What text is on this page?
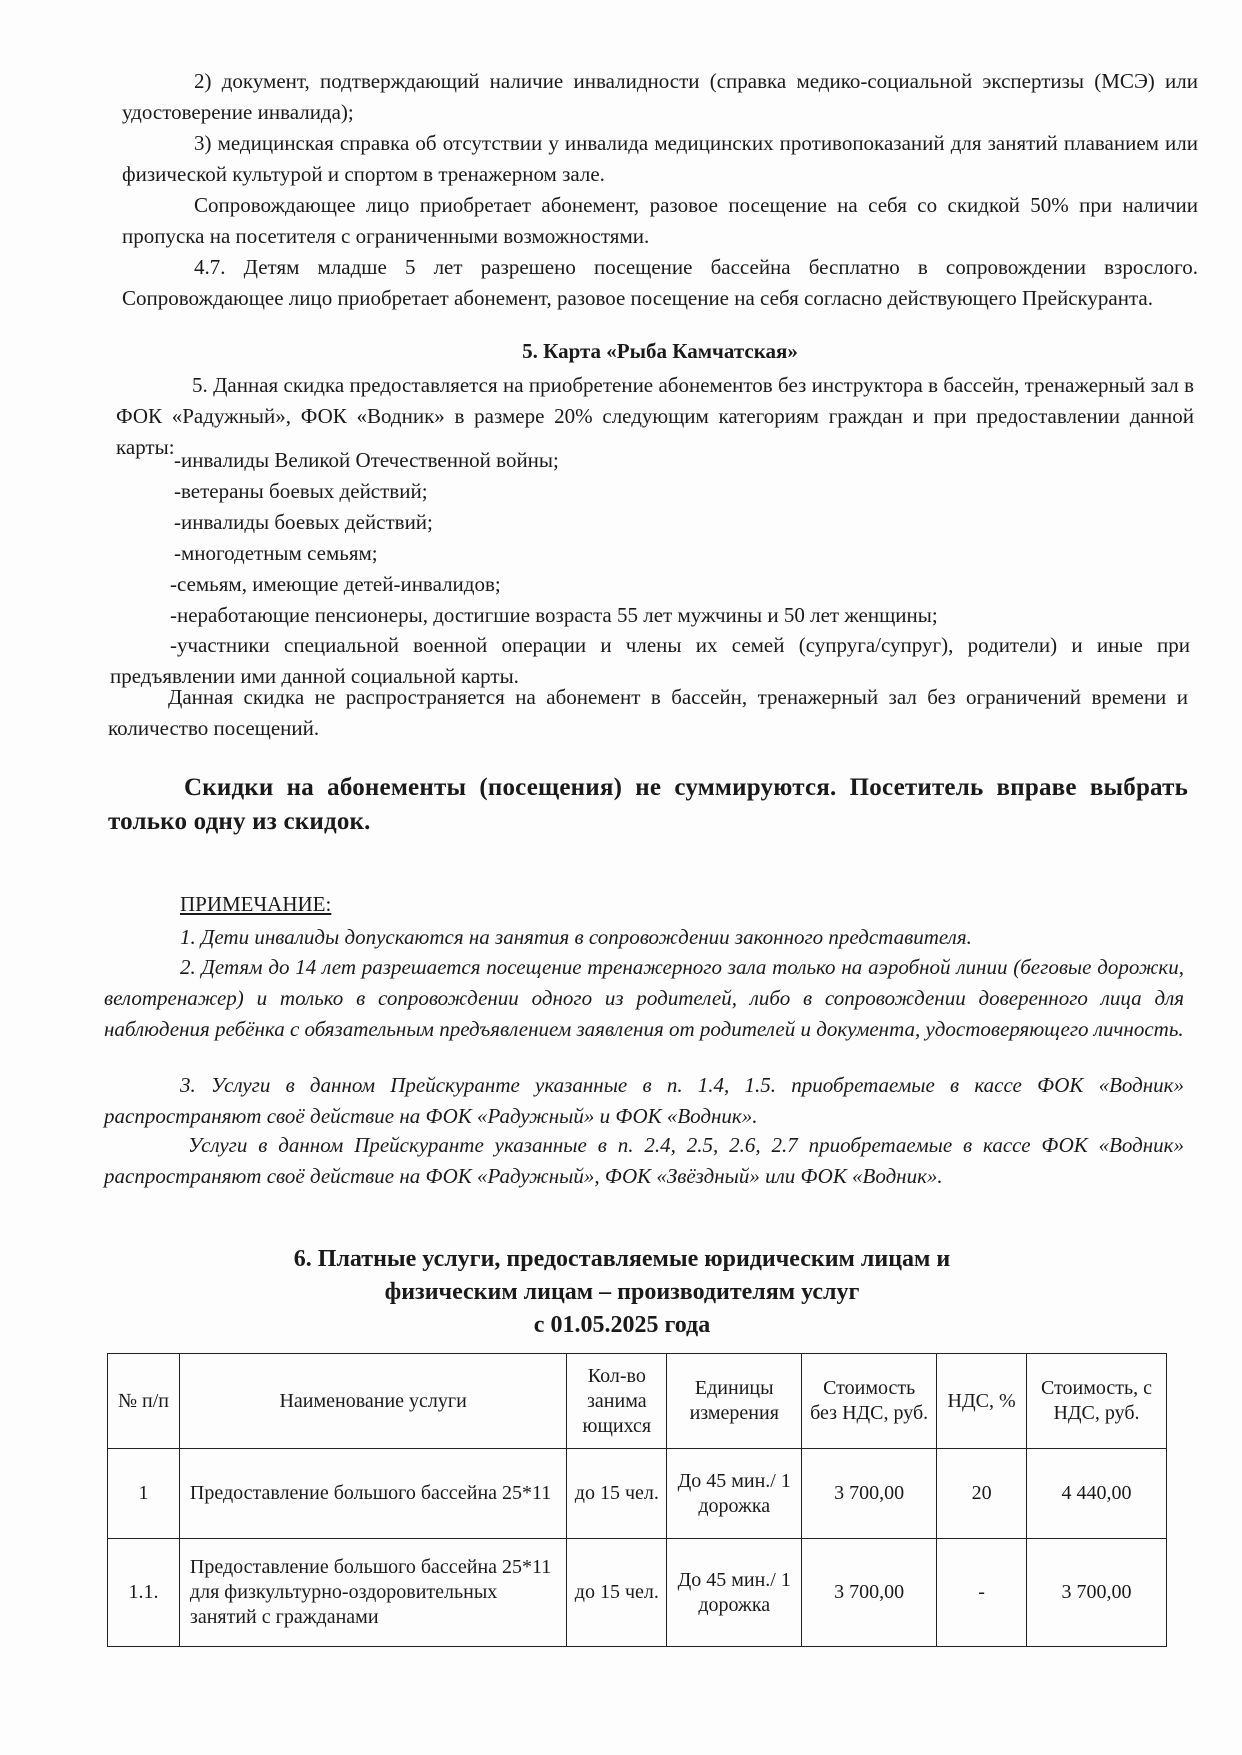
2) документ, подтверждающий наличие инвалидности (справка медико-социальной экспертизы (МСЭ) или удостоверение инвалида);

3) медицинская справка об отсутствии у инвалида медицинских противопоказаний для занятий плаванием или физической культурой и спортом в тренажерном зале.

Сопровождающее лицо приобретает абонемент, разовое посещение на себя со скидкой 50% при наличии пропуска на посетителя с ограниченными возможностями.

4.7. Детям младше 5 лет разрешено посещение бассейна бесплатно в сопровождении взрослого. Сопровождающее лицо приобретает абонемент, разовое посещение на себя согласно действующего Прейскуранта.

5. Карта «Рыба Камчатская»

5. Данная скидка предоставляется на приобретение абонементов без инструктора в бассейн, тренажерный зал в ФОК «Радужный», ФОК «Водник» в размере 20% следующим категориям граждан и при предоставлении данной карты:

-инвалиды Великой Отечественной войны;

-ветераны боевых действий;

-инвалиды боевых действий;

-многодетным семьям;

-семьям, имеющие детей-инвалидов;

-неработающие пенсионеры, достигшие возраста 55 лет мужчины и 50 лет женщины;

-участники специальной военной операции и члены их семей (супруга/супруг), родители) и иные при предъявлении ими данной социальной карты.

Данная скидка не распространяется на абонемент в бассейн, тренажерный зал без ограничений времени и количество посещений.

Скидки на абонементы (посещения) не суммируются. Посетитель вправе выбрать только одну из скидок.

ПРИМЕЧАНИЕ:

1. Дети инвалиды допускаются на занятия в сопровождении законного представителя.

2. Детям до 14 лет разрешается посещение тренажерного зала только на аэробной линии (беговые дорожки, велотренажер) и только в сопровождении одного из родителей, либо в сопровождении доверенного лица для наблюдения ребёнка с обязательным предъявлением заявления от родителей и документа, удостоверяющего личность.

3. Услуги в данном Прейскуранте указанные в п. 1.4, 1.5. приобретаемые в кассе ФОК «Водник» распространяют своё действие на ФОК «Радужный» и ФОК «Водник».

Услуги в данном Прейскуранте указанные в п. 2.4, 2.5, 2.6, 2.7 приобретаемые в кассе ФОК «Водник» распространяют своё действие на ФОК «Радужный», ФОК «Звёздный» или ФОК «Водник».

6. Платные услуги, предоставляемые юридическим лицам и
физическим лицам – производителям услуг
с 01.05.2025 года
№ п/п	Наименование услуги	Кол-во занима ющихся	Единицы измерения	Стоимость без НДС, руб.	НДС, %	Стоимость, с НДС, руб.
1	Предоставление большого бассейна 25*11	до 15 чел.	До 45 мин./ 1 дорожка	3 700,00	20	4 440,00
1.1.	Предоставление большого бассейна 25*11 для физкультурно-оздоровительных занятий с гражданами	до 15 чел.	До 45 мин./ 1 дорожка	3 700,00	-	3 700,00
